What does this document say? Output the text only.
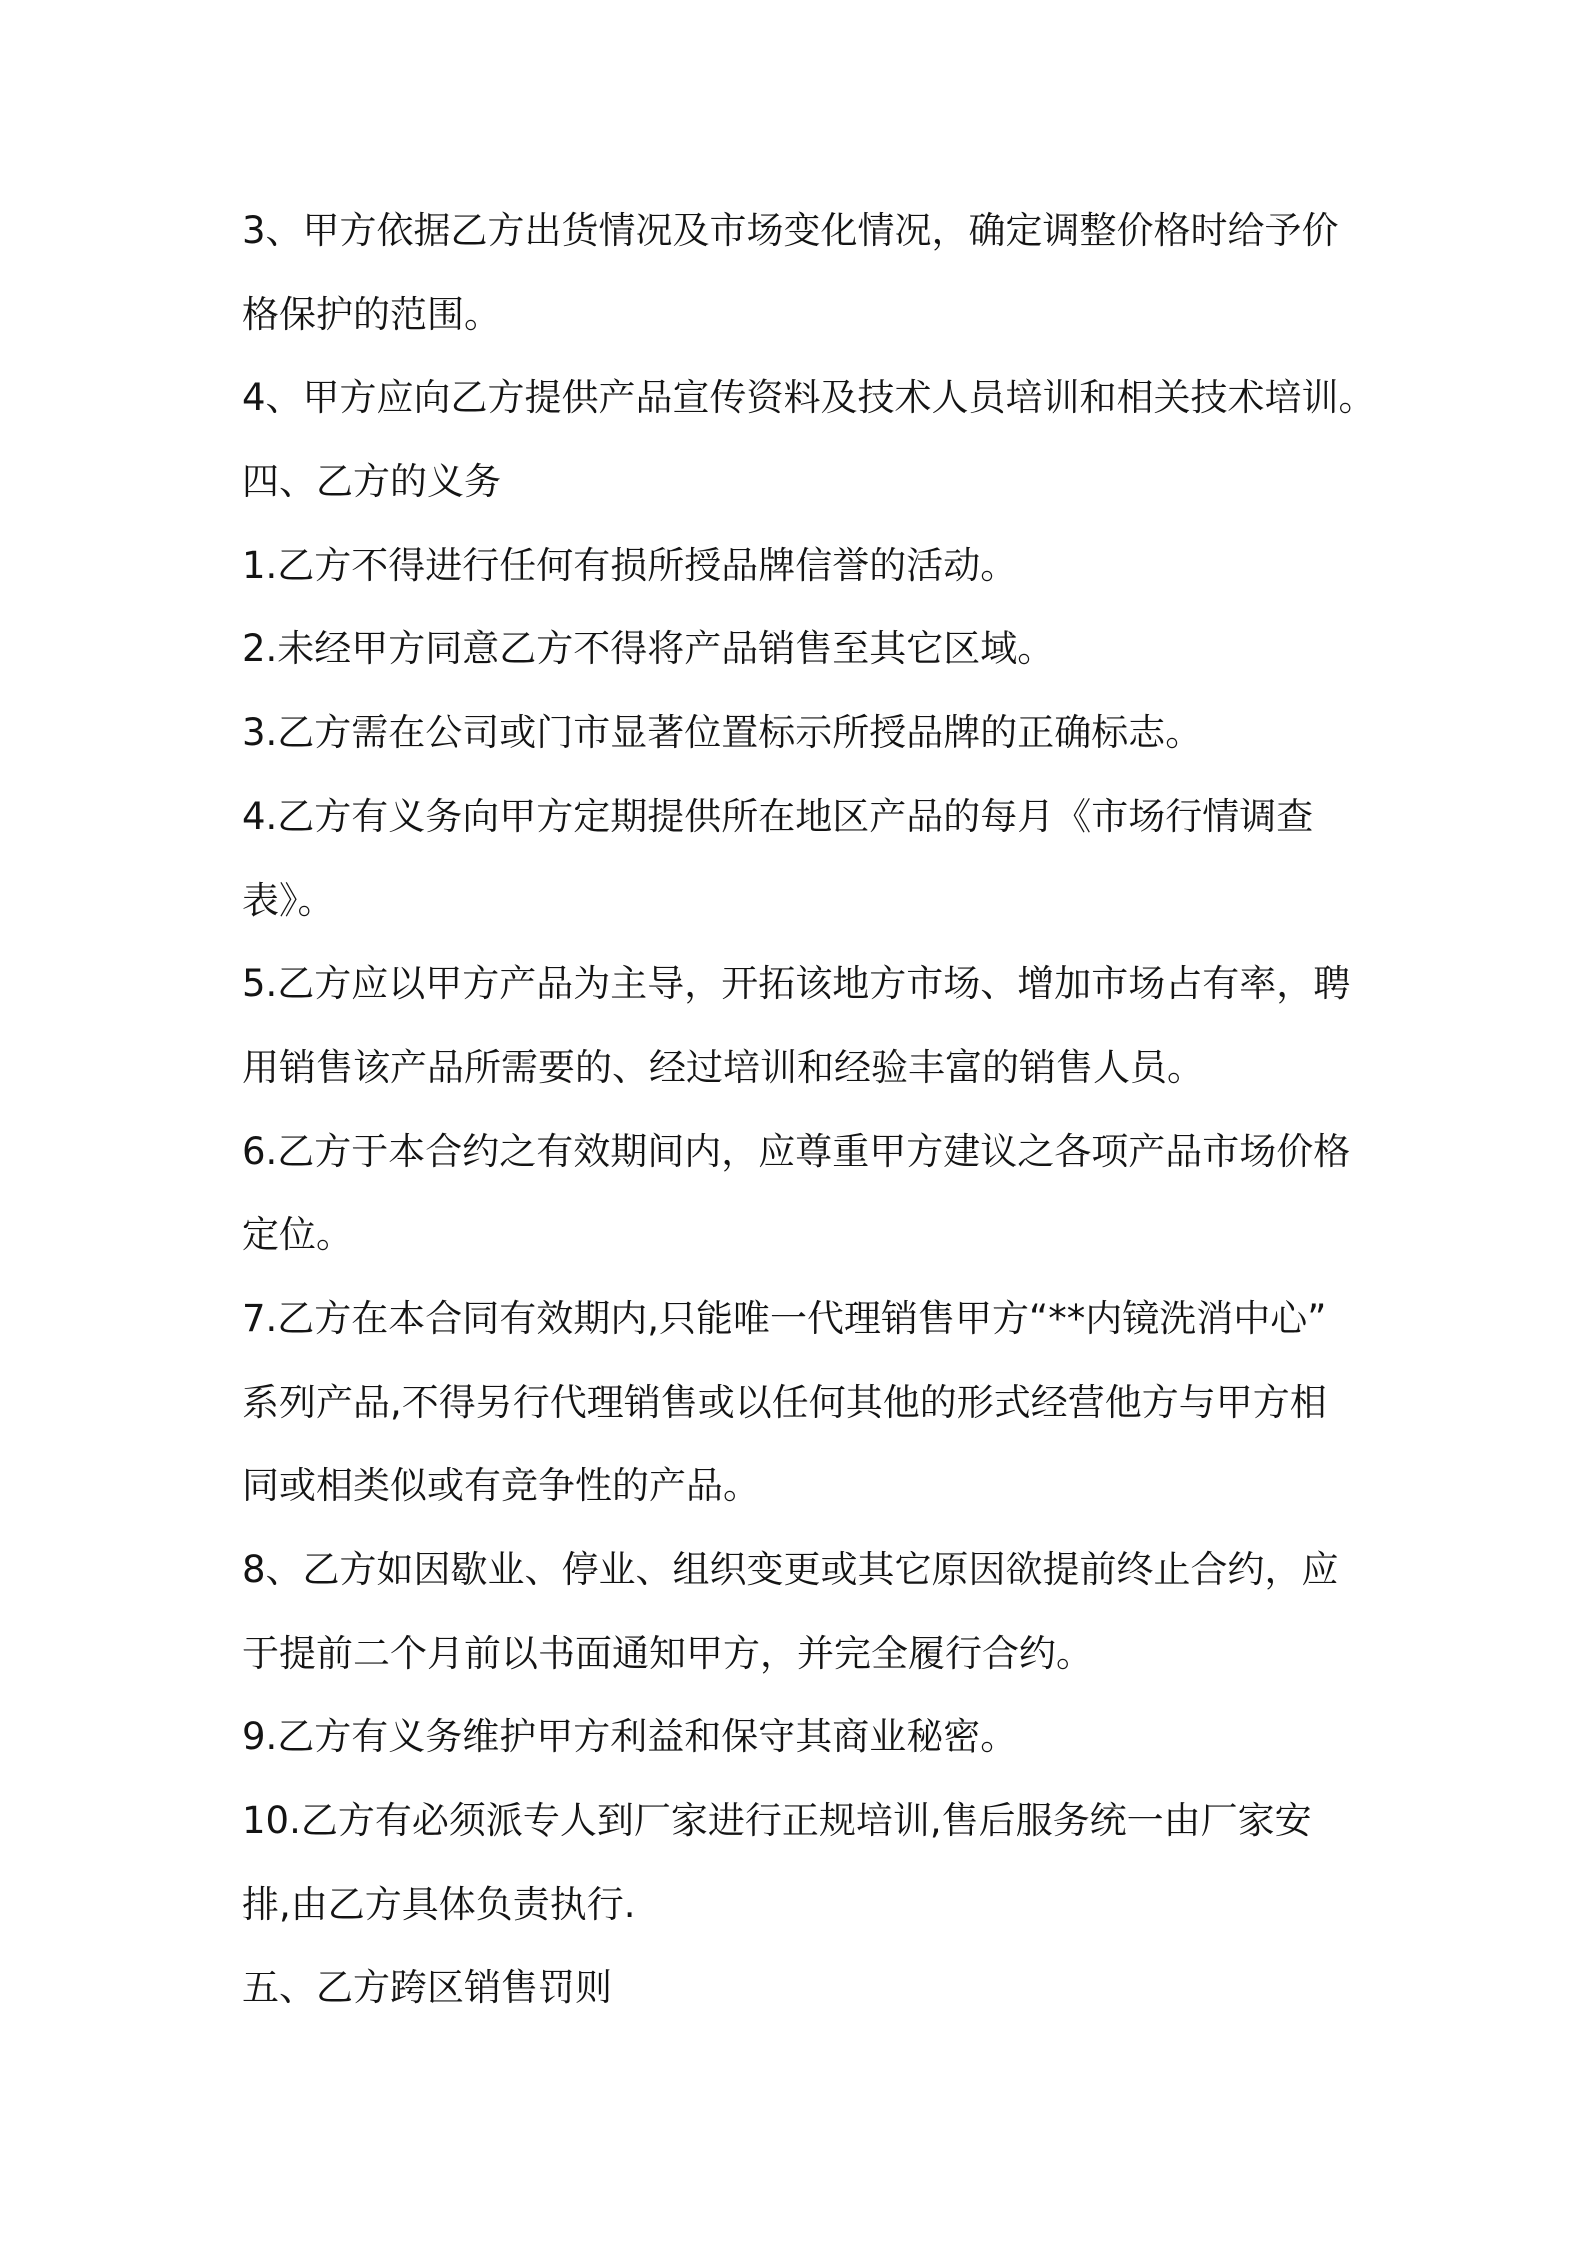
3、甲方依据乙方出货情况及市场变化情况，确定调整价格时给予价
格保护的范围。
4、甲方应向乙方提供产品宣传资料及技术人员培训和相关技术培训。
四、乙方的义务
1.乙方不得进行任何有损所授品牌信誉的活动。
2.未经甲方同意乙方不得将产品销售至其它区域。
3.乙方需在公司或门市显著位置标示所授品牌的正确标志。
4.乙方有义务向甲方定期提供所在地区产品的每月《市场行情调查
表》。
5.乙方应以甲方产品为主导，开拓该地方市场、增加市场占有率，聘
用销售该产品所需要的、经过培训和经验丰富的销售人员。
6.乙方于本合约之有效期间内，应尊重甲方建议之各项产品市场价格
定位。
7.乙方在本合同有效期内,只能唯一代理销售甲方“**内镜洗消中心”
系列产品,不得另行代理销售或以任何其他的形式经营他方与甲方相
同或相类似或有竞争性的产品。
8、乙方如因歇业、停业、组织变更或其它原因欲提前终止合约，应
于提前二个月前以书面通知甲方，并完全履行合约。
9.乙方有义务维护甲方利益和保守其商业秘密。
10.乙方有必须派专人到厂家进行正规培训,售后服务统一由厂家安
排,由乙方具体负责执行.
五、乙方跨区销售罚则
